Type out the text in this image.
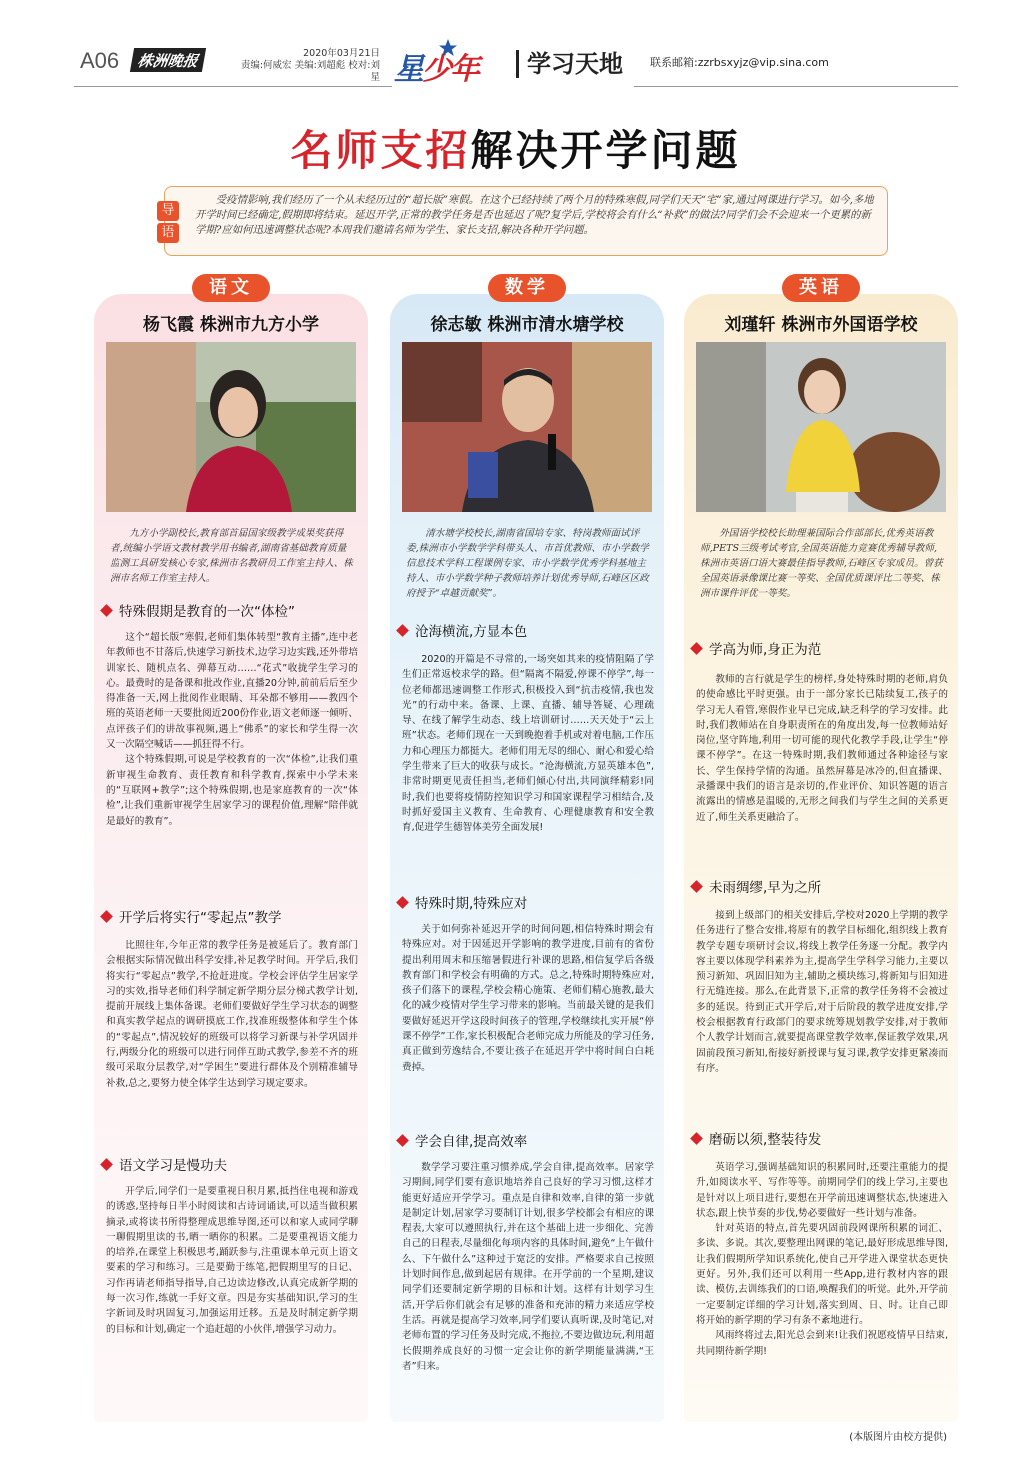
A06	株洲晚报	2020年03月21日
责编:何威宏 美编:刘超彪 校对:刘星 星少年	学习天地 联系邮箱:zzrbsxyjz@vip.sina.com
名师支招解决开学问题
导
语
受疫情影响,我们经历了一个从未经历过的“超长版”寒假。在这个已经持续了两个月的特殊寒假,同学们天天“宅”家,通过网课进行学习。如今,多地开学时间已经确定,假期即将结束。延迟开学,正常的教学任务是否也延迟了呢?复学后,学校将会有什么“补救”的做法?同学们会不会迎来一个更累的新学期?应如何迅速调整状态呢?本周我们邀请名师为学生、家长支招,解决各种开学问题。
语文
杨飞霞 株洲市九方小学
九方小学副校长,教育部首届国家级教学成果奖获得者,统编小学语文教材教学用书编者,湖南省基础教育质量监测工具研发核心专家,株洲市名教研员工作室主持人、株洲市名师工作室主持人。
特殊假期是教育的一次“体检”

这个“超长版”寒假,老师们集体转型“教育主播”,连中老年教师也不甘落后,快速学习新技术,边学习边实践,还外带培训家长、随机点名、弹幕互动……“花式”收拢学生学习的心。最费时的是备课和批改作业,直播20分钟,前前后后至少得准备一天,网上批阅作业眼睛、耳朵都不够用——教四个班的英语老师一天要批阅近200份作业,语文老师逐一倾听、点评孩子们的讲故事视频,遇上“佛系”的家长和学生得一次又一次隔空喊话——抓狂得不行。

这个特殊假期,可说是学校教育的一次“体检”,让我们重新审视生命教育、责任教育和科学教育,探索中小学未来的“互联网+教学”;这个特殊假期,也是家庭教育的一次“体检”,让我们重新审视学生居家学习的课程价值,理解“陪伴就是最好的教育”。

开学后将实行“零起点”教学

比照往年,今年正常的教学任务是被延后了。教育部门会根据实际情况做出科学安排,补足教学时间。开学后,我们将实行“零起点”教学,不抢赶进度。学校会评估学生居家学习的实效,指导老师们科学制定新学期分层分梯式教学计划,提前开展线上集体备课。老师们要做好学生学习状态的调整和真实教学起点的调研摸底工作,找准班级整体和学生个体的“零起点”,情况较好的班级可以将学习新课与补学巩固并行,两级分化的班级可以进行同伴互助式教学,参差不齐的班级可采取分层教学,对“学困生”要进行群体及个别精准辅导补救,总之,要努力使全体学生达到学习规定要求。

语文学习是慢功夫

开学后,同学们一是要重视日积月累,抵挡住电视和游戏的诱惑,坚持每日半小时阅读和古诗词诵读,可以适当做积累摘录,或将读书所得整理成思维导图,还可以和家人或同学聊一聊假期里读的书,晒一晒你的积累。二是要重视语文能力的培养,在课堂上积极思考,踊跃参与,注重课本单元页上语文要素的学习和练习。三是要勤于练笔,把假期里写的日记、习作再请老师指导指导,自己边读边修改,认真完成新学期的每一次习作,练就一手好文章。四是夯实基础知识,学习的生字新词及时巩固复习,加强运用迁移。五是及时制定新学期的目标和计划,确定一个追赶超的小伙伴,增强学习动力。

数学
徐志敏 株洲市清水塘学校
清水塘学校校长,湖南省国培专家、特岗教师面试评委,株洲市小学数学学科带头人、市首优教师、市小学数学信息技术学科工程课例专家、市小学数学优秀学科基地主持人、市小学数学种子教师培养计划优秀导师,石峰区区政府授予“卓越贡献奖”。
沧海横流,方显本色

2020的开篇是不寻常的,一场突如其来的疫情阻隔了学生们正常返校求学的路。但“隔离不隔爱,停课不停学”,每一位老师都迅速调整工作形式,积极投入到“抗击疫情,我也发光”的行动中来。备课、上课、直播、辅导答疑、心理疏导、在线了解学生动态、线上培训研讨……天天处于“云上班”状态。老师们现在一天到晚抱着手机或对着电脑,工作压力和心理压力都挺大。老师们用无尽的细心、耐心和爱心给学生带来了巨大的收获与成长。“沧海横流,方显英雄本色”,非常时期更见责任担当,老师们倾心付出,共同演绎精彩!同时,我们也要将疫情防控知识学习和国家课程学习相结合,及时抓好爱国主义教育、生命教育、心理健康教育和安全教育,促进学生德智体美劳全面发展!

特殊时期,特殊应对

关于如何弥补延迟开学的时间问题,相信特殊时期会有特殊应对。对于因延迟开学影响的教学进度,目前有的省份提出利用周末和压缩暑假进行补课的思路,相信复学后各级教育部门和学校会有明确的方式。总之,特殊时期特殊应对,孩子们落下的课程,学校会精心施策、老师们精心施教,最大化的减少疫情对学生学习带来的影响。当前最关键的是我们要做好延迟开学这段时间孩子的管理,学校继续扎实开展“停课不停学”工作,家长积极配合老师完成力所能及的学习任务,真正做到劳逸结合,不要让孩子在延迟开学中将时间白白耗费掉。

学会自律,提高效率

数学学习要注重习惯养成,学会自律,提高效率。居家学习期间,同学们要有意识地培养自己良好的学习习惯,这样才能更好适应开学学习。重点是自律和效率,自律的第一步就是制定计划,居家学习要制订计划,很多学校都会有相应的课程表,大家可以遵照执行,并在这个基础上进一步细化、完善自己的日程表,尽量细化每项内容的具体时间,避免“上午做什么、下午做什么”这种过于宽泛的安排。严格要求自己按照计划时间作息,做到起居有规律。在开学前的一个星期,建议同学们还要制定新学期的目标和计划。这样有计划学习生活,开学后你们就会有足够的准备和充沛的精力来适应学校生活。再就是提高学习效率,同学们要认真听课,及时笔记,对老师布置的学习任务及时完成,不拖拉,不要边做边玩,利用超长假期养成良好的习惯一定会让你的新学期能量满满,“王者”归来。

英语
刘瑾轩 株洲市外国语学校
外国语学校校长助理兼国际合作部部长,优秀英语教师,PETS三级考试考官,全国英语能力竞赛优秀辅导教师,株洲市英语口语大赛最佳指导教师,石峰区专家成员。曾获全国英语录像课比赛一等奖、全国优质课评比二等奖、株洲市课件评优一等奖。
学高为师,身正为范

教师的言行就是学生的榜样,身处特殊时期的老师,肩负的使命感比平时更强。由于一部分家长已陆续复工,孩子的学习无人看管,寒假作业早已完成,缺乏科学的学习安排。此时,我们教师站在自身职责所在的角度出发,每一位教师站好岗位,坚守阵地,利用一切可能的现代化教学手段,让学生“停课不停学”。在这一特殊时期,我们教师通过各种途径与家长、学生保持学情的沟通。虽然屏幕是冰冷的,但直播课、录播课中我们的语言是亲切的,作业评价、知识答题的语言流露出的情感是温暖的,无形之间我们与学生之间的关系更近了,师生关系更融洽了。

未雨绸缪,早为之所

接到上级部门的相关安排后,学校对2020上学期的教学任务进行了整合安排,将原有的教学目标细化,组织线上教育教学专题专项研讨会议,将线上教学任务逐一分配。教学内容主要以体现学科素养为主,提高学生学科学习能力,主要以预习新知、巩固旧知为主,辅助之模块练习,将新知与旧知进行无缝连接。那么,在此背景下,正常的教学任务将不会被过多的延误。待到正式开学后,对于后阶段的教学进度安排,学校会根据教育行政部门的要求统筹规划教学安排,对于教师个人教学计划而言,就要提高课堂教学效率,保证教学效果,巩固前段预习新知,衔接好新授课与复习课,教学安排更紧凑而有序。

磨砺以须,整装待发

英语学习,强调基础知识的积累同时,还要注重能力的提升,如阅读水平、写作等等。前期同学们的线上学习,主要也是针对以上项目进行,要想在开学前迅速调整状态,快速进入状态,跟上快节奏的步伐,势必要做好一些计划与准备。

针对英语的特点,首先要巩固前段网课所积累的词汇、多读、多说。其次,要整理出网课的笔记,最好形成思维导图,让我们假期所学知识系统化,使自己开学进入课堂状态更快更好。另外,我们还可以利用一些App,进行教材内容的跟读、模仿,去训练我们的口语,唤醒我们的听觉。此外,开学前一定要制定详细的学习计划,落实到周、日、时。让自己即将开始的新学期的学习有条不紊地进行。

风雨终将过去,阳光总会到来!让我们祝愿疫情早日结束,共同期待新学期!

(本版图片由校方提供)
